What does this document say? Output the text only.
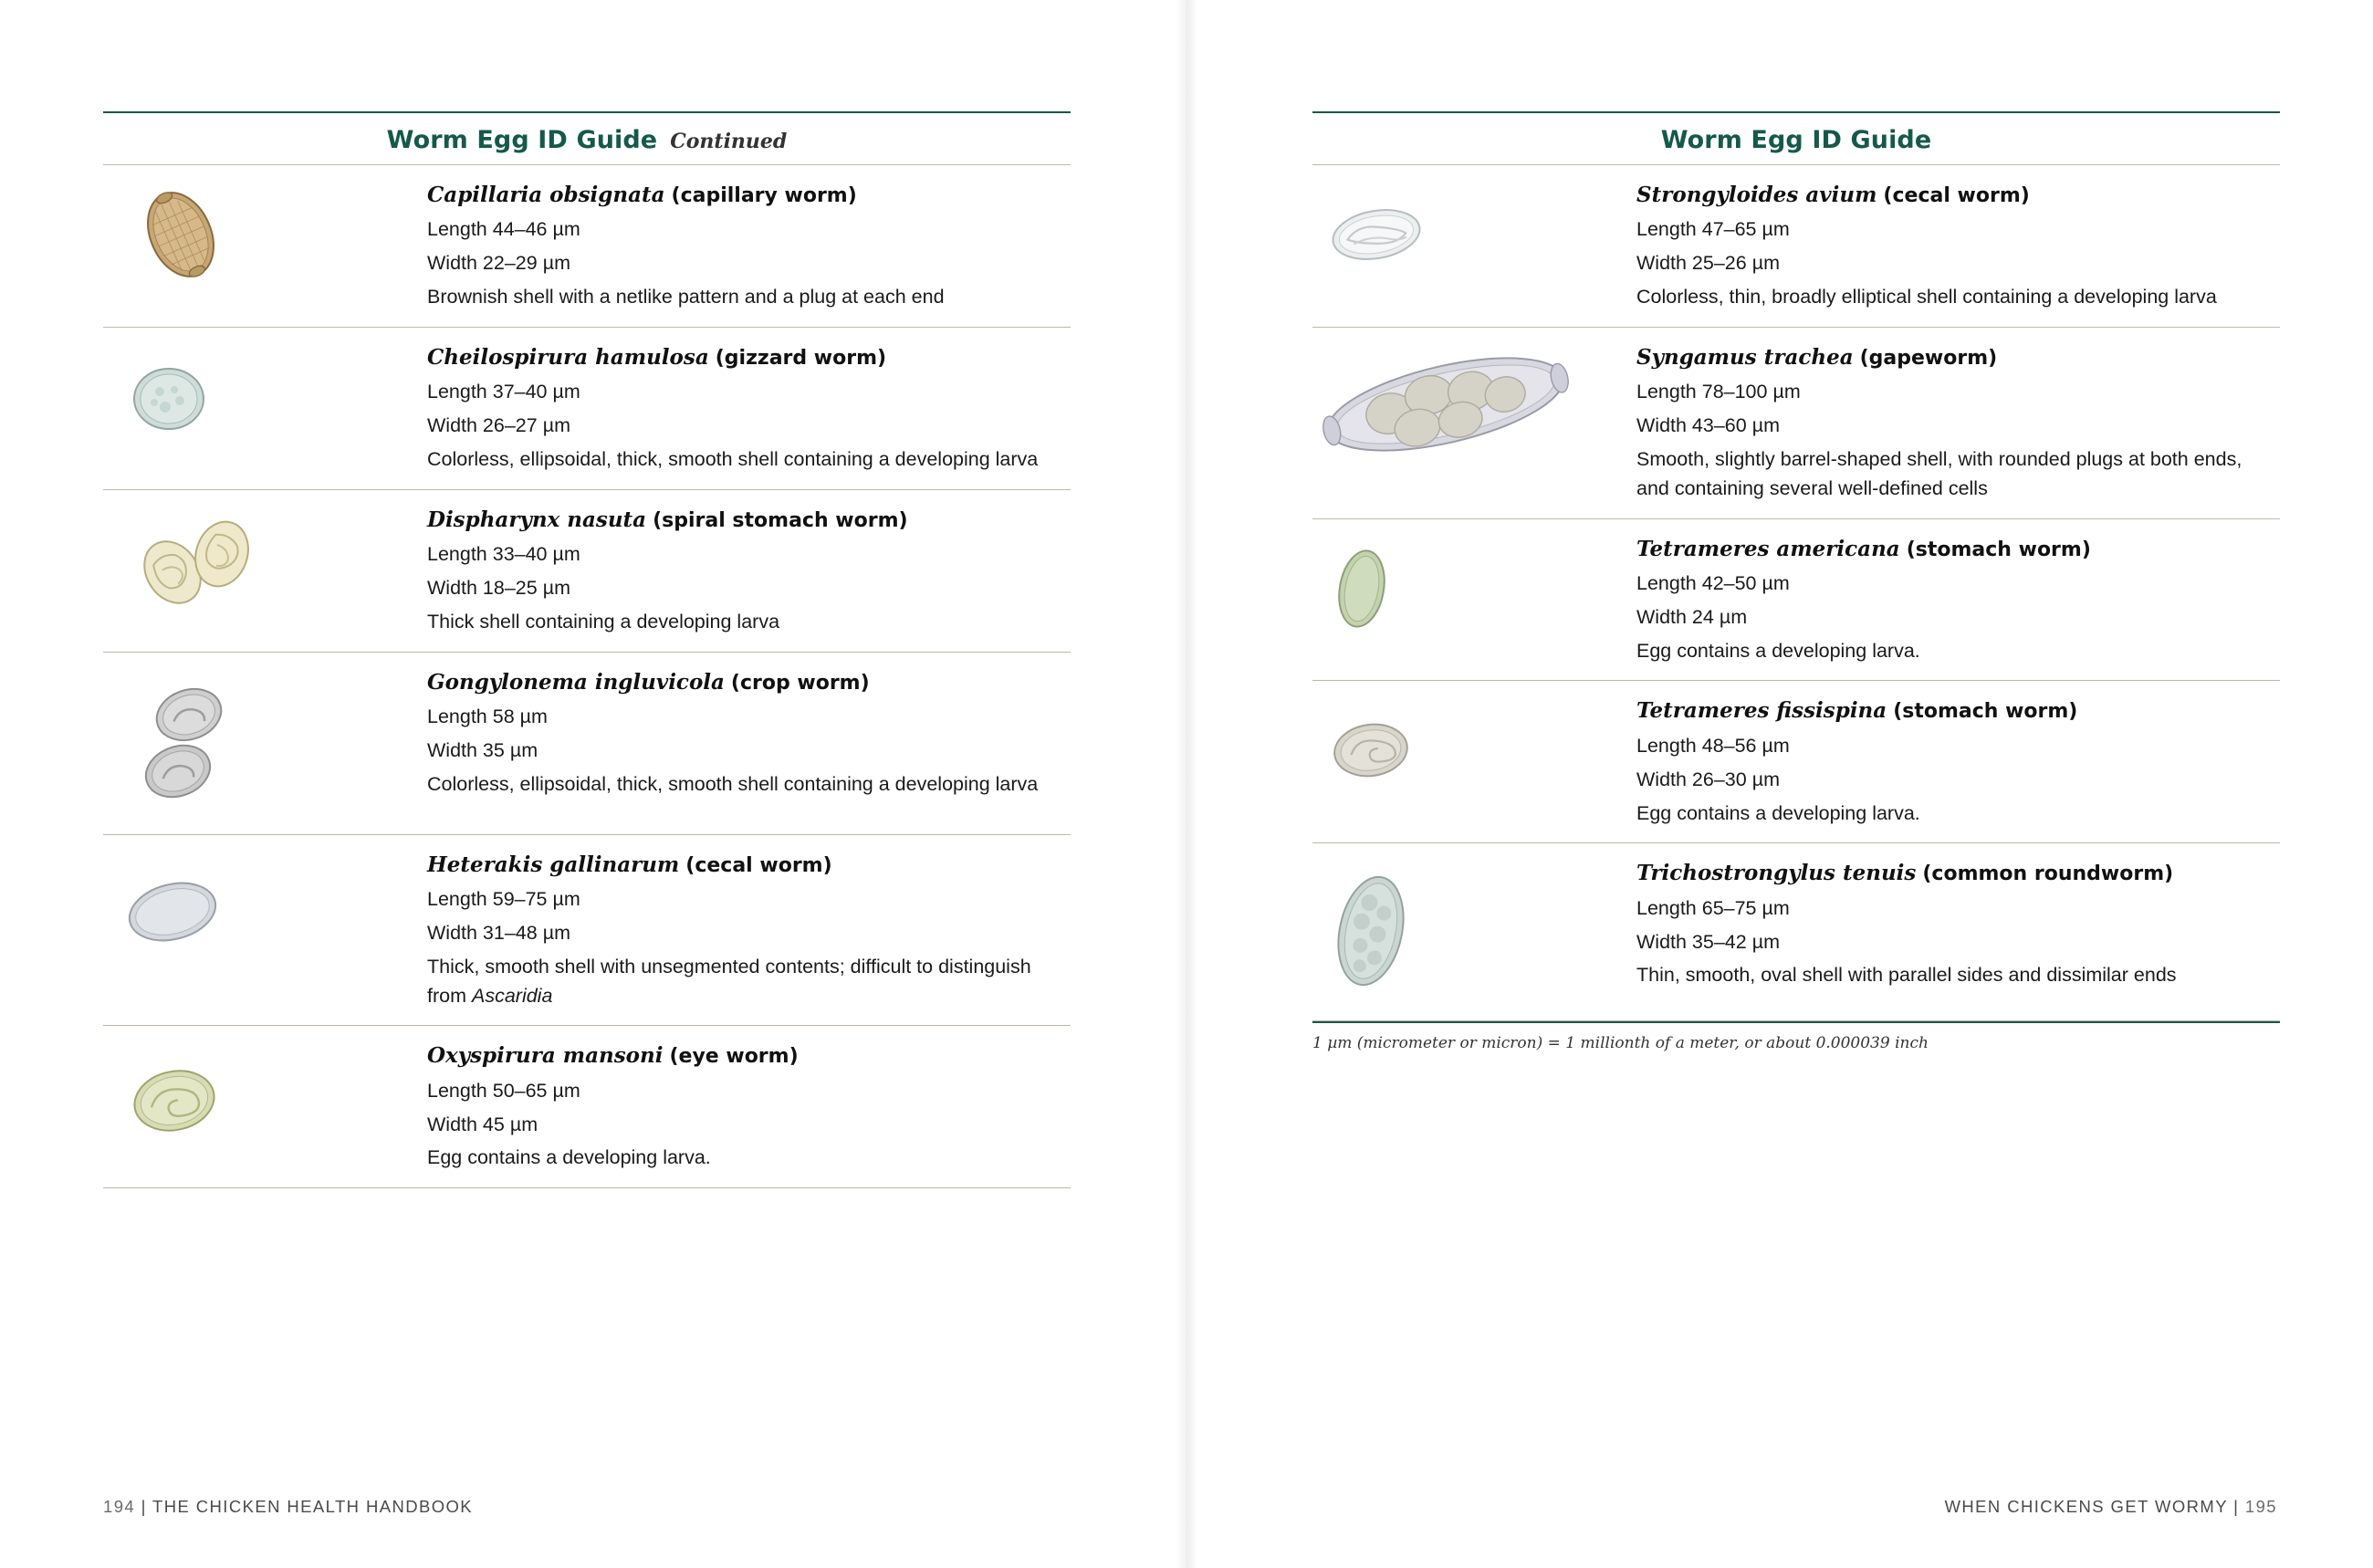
Worm Egg ID Guide Continued
Capillaria obsignata (capillary worm)
Length 44–46 µm
Width 22–29 µm
Brownish shell with a netlike pattern and a plug at each end
Cheilospirura hamulosa (gizzard worm)
Length 37–40 µm
Width 26–27 µm
Colorless, ellipsoidal, thick, smooth shell containing a developing larva
Dispharynx nasuta (spiral stomach worm)
Length 33–40 µm
Width 18–25 µm
Thick shell containing a developing larva
Gongylonema ingluvicola (crop worm)
Length 58 µm
Width 35 µm
Colorless, ellipsoidal, thick, smooth shell containing a developing larva
Heterakis gallinarum (cecal worm)
Length 59–75 µm
Width 31–48 µm
Thick, smooth shell with unsegmented contents; difficult to distinguish from Ascaridia
Oxyspirura mansoni (eye worm)
Length 50–65 µm
Width 45 µm
Egg contains a developing larva.
194 | THE CHICKEN HEALTH HANDBOOK
Worm Egg ID Guide
Strongyloides avium (cecal worm)
Length 47–65 µm
Width 25–26 µm
Colorless, thin, broadly elliptical shell containing a developing larva
Syngamus trachea (gapeworm)
Length 78–100 µm
Width 43–60 µm
Smooth, slightly barrel-shaped shell, with rounded plugs at both ends, and containing several well-defined cells
Tetrameres americana (stomach worm)
Length 42–50 µm
Width 24 µm
Egg contains a developing larva.
Tetrameres fissispina (stomach worm)
Length 48–56 µm
Width 26–30 µm
Egg contains a developing larva.
Trichostrongylus tenuis (common roundworm)
Length 65–75 µm
Width 35–42 µm
Thin, smooth, oval shell with parallel sides and dissimilar ends
1 µm (micrometer or micron) = 1 millionth of a meter, or about 0.000039 inch
WHEN CHICKENS GET WORMY | 195
